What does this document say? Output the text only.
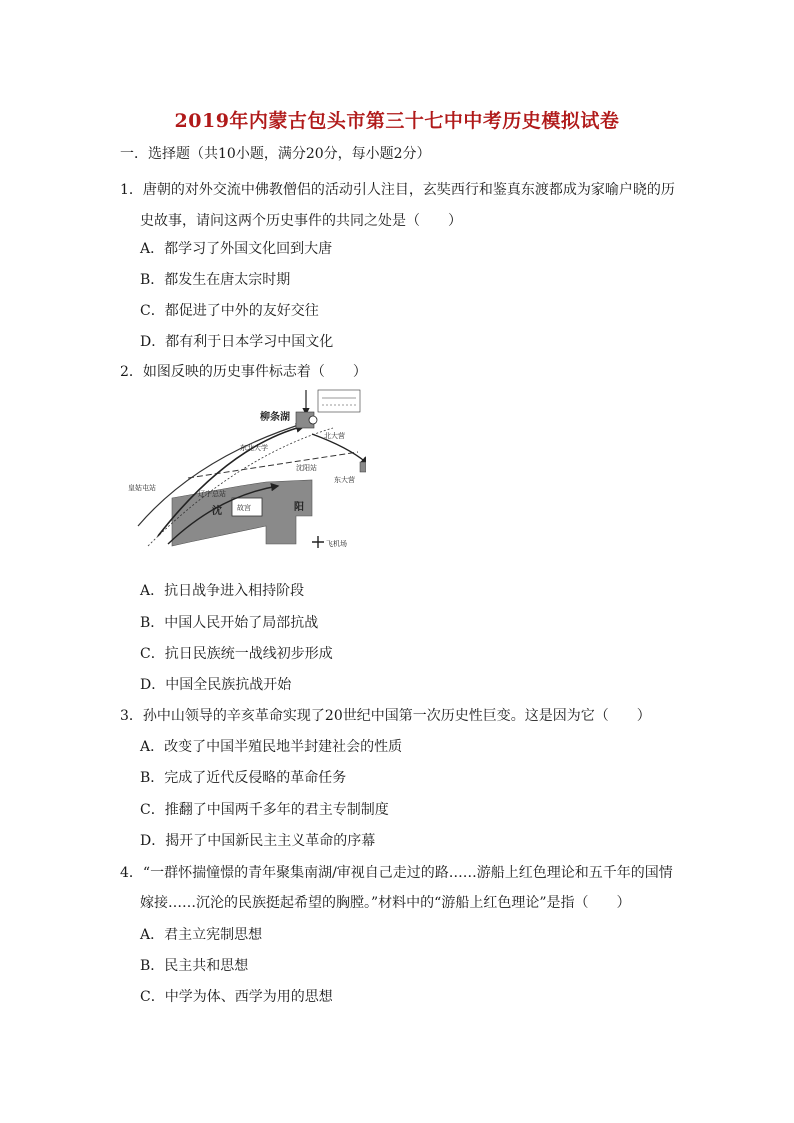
2019年内蒙古包头市第三十七中中考历史模拟试卷
一．选择题（共10小题，满分20分，每小题2分）
1．唐朝的对外交流中佛教僧侣的活动引人注目，玄奘西行和鉴真东渡都成为家喻户晓的历
史故事，请问这两个历史事件的共同之处是（　　）
A．都学习了外国文化回到大唐
B．都发生在唐太宗时期
C．都促进了中外的友好交往
D．都有利于日本学习中国文化
2．如图反映的历史事件标志着（　　）
柳条湖
东北大学
北大营
皇姑屯站
辽宁总站
沈	阳
故宫
沈阳站
东大营
飞机场
A．抗日战争进入相持阶段
B．中国人民开始了局部抗战
C．抗日民族统一战线初步形成
D．中国全民族抗战开始
3．孙中山领导的辛亥革命实现了20世纪中国第一次历史性巨变。这是因为它（　　）
A．改变了中国半殖民地半封建社会的性质
B．完成了近代反侵略的革命任务
C．推翻了中国两千多年的君主专制制度
D．揭开了中国新民主主义革命的序幕
4．“一群怀揣憧憬的青年聚集南湖/审视自己走过的路……游船上红色理论和五千年的国情
嫁接……沉沦的民族挺起希望的胸膛。”材料中的“游船上红色理论”是指（　　）
A．君主立宪制思想
B．民主共和思想
C．中学为体、西学为用的思想
